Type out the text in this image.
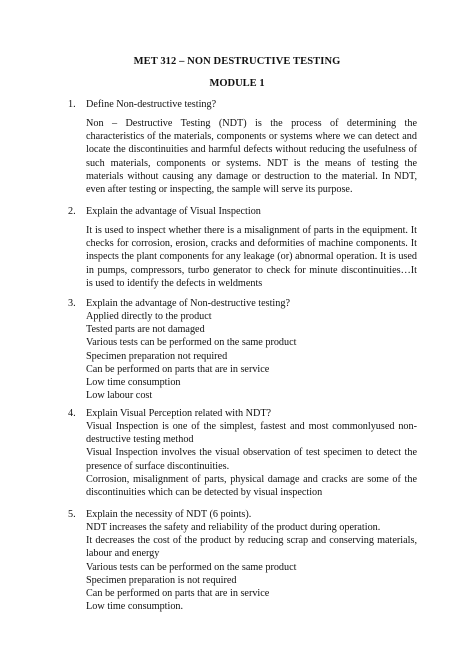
MET 312 – NON DESTRUCTIVE TESTING
MODULE 1
1. Define Non-destructive testing?
Non – Destructive Testing (NDT) is the process of determining the characteristics of the materials, components or systems where we can detect and locate the discontinuities and harmful defects without reducing the usefulness of such materials, components or systems. NDT is the means of testing the materials without causing any damage or destruction to the material. In NDT, even after testing or inspecting, the sample will serve its purpose.
2. Explain the advantage of Visual Inspection
It is used to inspect whether there is a misalignment of parts in the equipment. It checks for corrosion, erosion, cracks and deformities of machine components. It inspects the plant components for any leakage (or) abnormal operation. It is used in pumps, compressors, turbo generator to check for minute discontinuities…It is used to identify the defects in weldments
3. Explain the advantage of Non-destructive testing?
Applied directly to the product
Tested parts are not damaged
Various tests can be performed on the same product
Specimen preparation not required
Can be performed on parts that are in service
Low time consumption
Low labour cost
4. Explain Visual Perception related with NDT?
Visual Inspection is one of the simplest, fastest and most commonlyused non-destructive testing method
Visual Inspection involves the visual observation of test specimen to detect the presence of surface discontinuities.
Corrosion, misalignment of parts, physical damage and cracks are some of the discontinuities which can be detected by visual inspection
5. Explain the necessity of NDT (6 points).
NDT increases the safety and reliability of the product during operation.
It decreases the cost of the product by reducing scrap and conserving materials, labour and energy
Various tests can be performed on the same product
Specimen preparation is not required
Can be performed on parts that are in service
Low time consumption.
